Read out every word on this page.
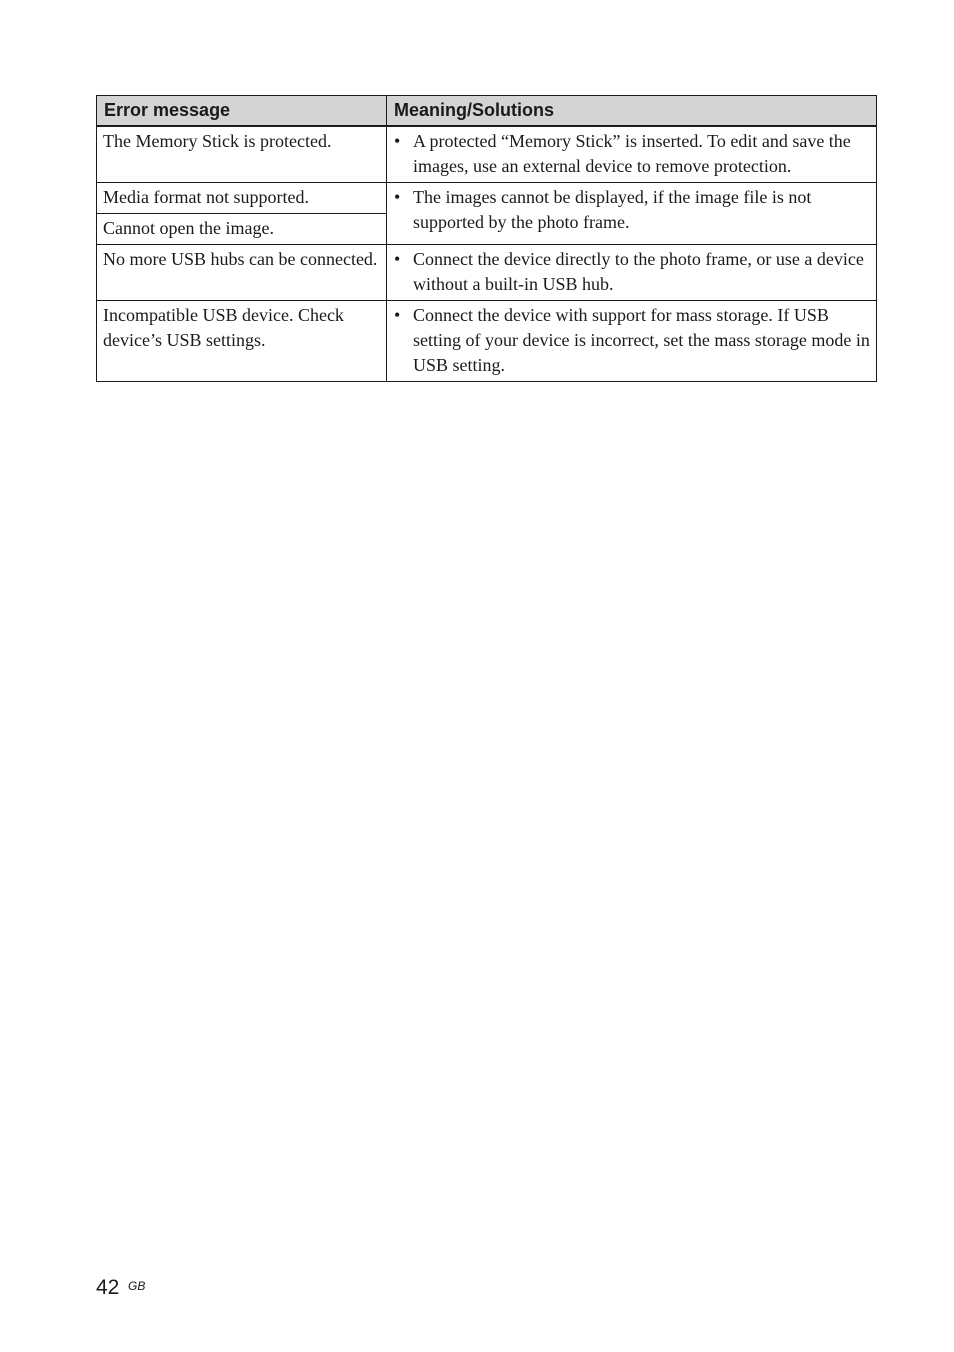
Error message	Meaning/Solutions
The Memory Stick is protected.	• A protected “Memory Stick” is inserted. To edit and save the images, use an external device to remove protection.

Media format not supported.	• The images cannot be displayed, if the image file is not supported by the photo frame.

Cannot open the image.	
No more USB hubs can be connected.	• Connect the device directly to the photo frame, or use a device without a built-in USB hub.

Incompatible USB device. Check device’s USB settings.	• Connect the device with support for mass storage. If USB setting of your device is incorrect, set the mass storage mode in USB setting.
42 GB
